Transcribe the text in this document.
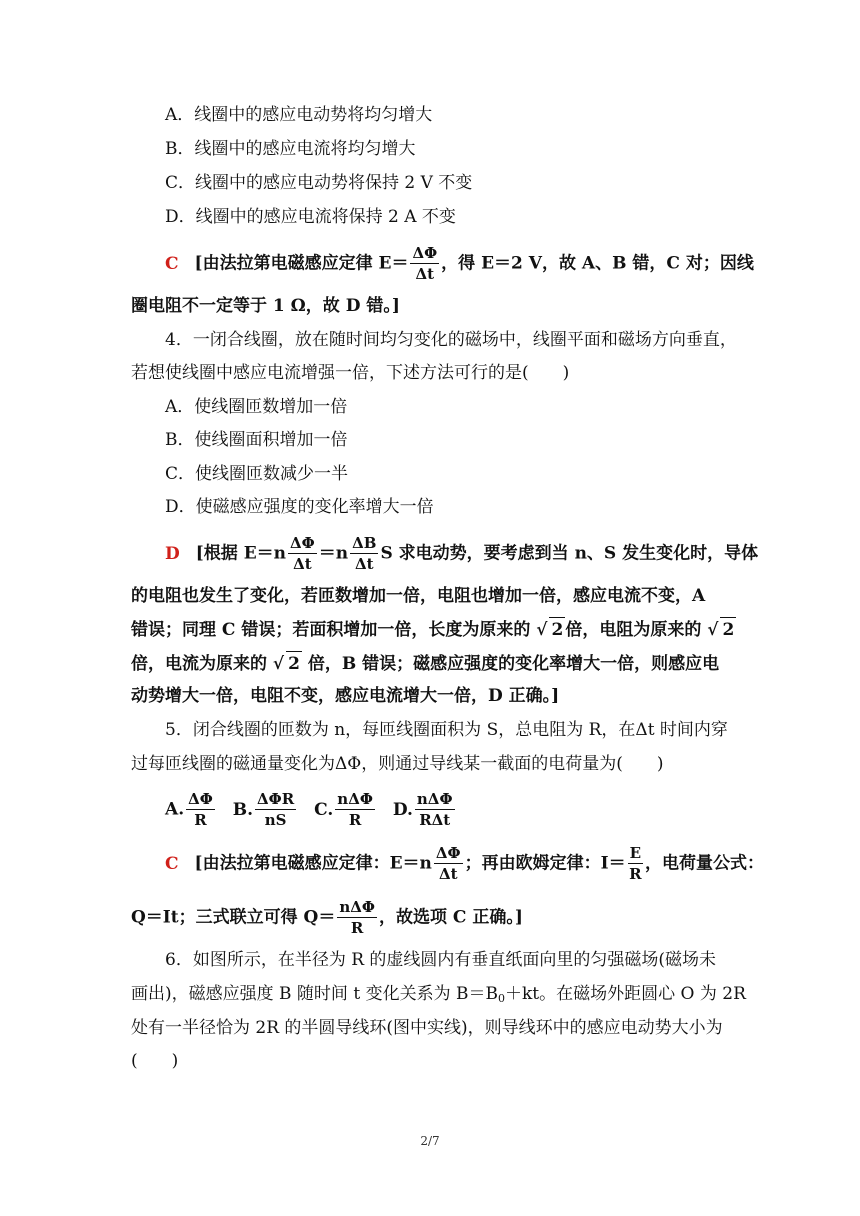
A．线圈中的感应电动势将均匀增大
B．线圈中的感应电流将均匀增大
C．线圈中的感应电动势将保持 2 V 不变
D．线圈中的感应电流将保持 2 A 不变
C [由法拉第电磁感应定律 $E= \frac{\Delta\Phi}{\Delta t}$ ，得 E＝2 V，故 A、B 错，C 对；因线
圈电阻不一定等于 1 Ω，故 D 错。]
4．一闭合线圈，放在随时间均匀变化的磁场中，线圈平面和磁场方向垂直，
若想使线圈中感应电流增强一倍，下述方法可行的是(　　)
A．使线圈匝数增加一倍
B．使线圈面积增加一倍
C．使线圈匝数减少一半
D．使磁感应强度的变化率增大一倍
D [根据 $E=n \frac{\Delta\Phi}{\Delta t} =n \frac{\Delta B}{\Delta t}$ S 求电动势，要考虑到当 n、S 发生变化时，导体
的电阻也发生了变化，若匝数增加一倍，电阻也增加一倍，感应电流不变，A
错误；同理 C 错误；若面积增加一倍，长度为原来的 √ 2 倍，电阻为原来的 √ 2
倍，电流为原来的 √ 2 倍，B 错误；磁感应强度的变化率增大一倍，则感应电
动势增大一倍，电阻不变，感应电流增大一倍，D 正确。]
5．闭合线圈的匝数为 n，每匝线圈面积为 S，总电阻为 R，在Δt 时间内穿
过每匝线圈的磁通量变化为ΔΦ，则通过导线某一截面的电荷量为(　　)
A. $\frac{\Delta\Phi}{R} B$. $\frac{\text{ΔΦR}}{nS} C$. $\frac{\text{nΔΦ}}{R} D$. $\frac{\text{nΔΦ}}{\text{RΔt}}$
C [由法拉第电磁感应定律：$E=n \frac{\Delta\Phi}{\Delta t}$ ；再由欧姆定律：$I= \frac{E}{R}$ ，电荷量公式：
Q＝It；三式联立可得 $Q= \frac{\text{nΔΦ}}{R}$ ，故选项 C 正确。]
6．如图所示，在半径为 R 的虚线圆内有垂直纸面向里的匀强磁场(磁场未
画出)，磁感应强度 B 随时间 t 变化关系为 $B=B_0+kt$。在磁场外距圆心 O 为 2R
处有一半径恰为 2R 的半圆导线环(图中实线)，则导线环中的感应电动势大小为
(　　)
2/7
